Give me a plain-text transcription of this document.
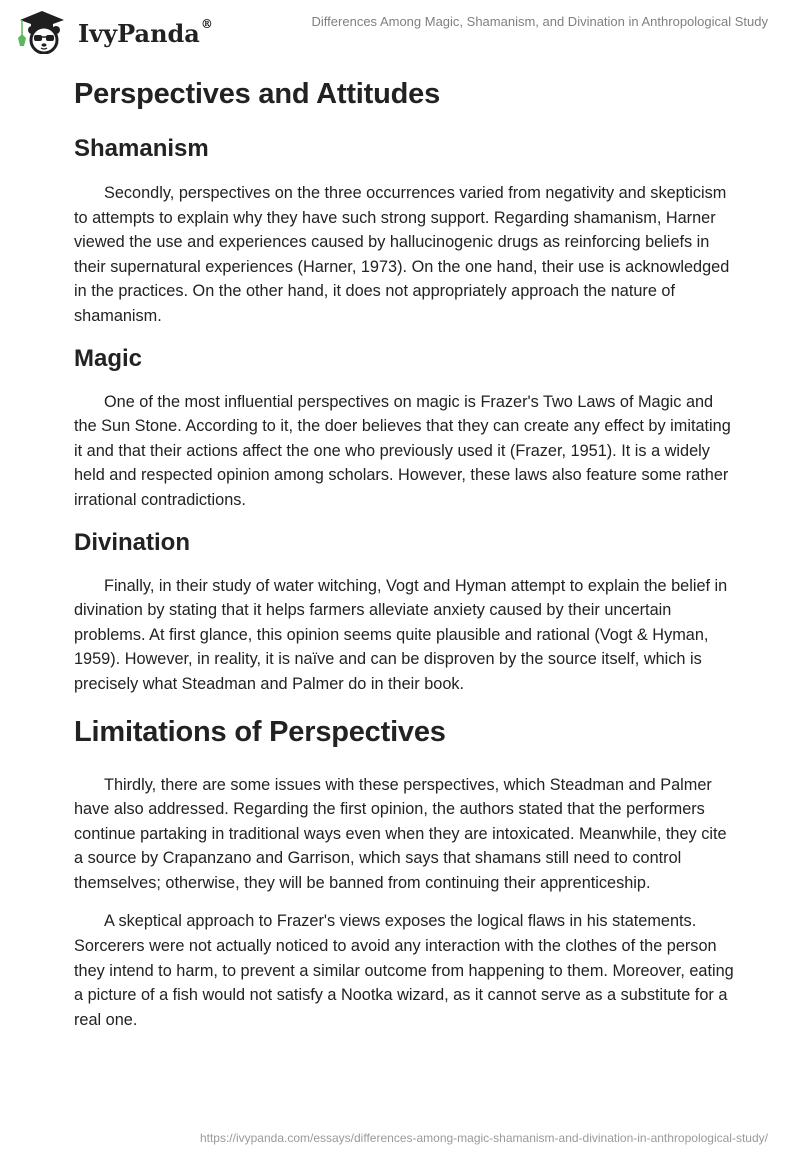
IvyPanda®	Differences Among Magic, Shamanism, and Divination in Anthropological Study
Perspectives and Attitudes
Shamanism

Secondly, perspectives on the three occurrences varied from negativity and skepticism to attempts to explain why they have such strong support. Regarding shamanism, Harner viewed the use and experiences caused by hallucinogenic drugs as reinforcing beliefs in their supernatural experiences (Harner, 1973). On the one hand, their use is acknowledged in the practices. On the other hand, it does not appropriately approach the nature of shamanism.

Magic

One of the most influential perspectives on magic is Frazer's Two Laws of Magic and the Sun Stone. According to it, the doer believes that they can create any effect by imitating it and that their actions affect the one who previously used it (Frazer, 1951). It is a widely held and respected opinion among scholars. However, these laws also feature some rather irrational contradictions.

Divination

Finally, in their study of water witching, Vogt and Hyman attempt to explain the belief in divination by stating that it helps farmers alleviate anxiety caused by their uncertain problems. At first glance, this opinion seems quite plausible and rational (Vogt & Hyman, 1959). However, in reality, it is naïve and can be disproven by the source itself, which is precisely what Steadman and Palmer do in their book.

Limitations of Perspectives

Thirdly, there are some issues with these perspectives, which Steadman and Palmer have also addressed. Regarding the first opinion, the authors stated that the performers continue partaking in traditional ways even when they are intoxicated. Meanwhile, they cite a source by Crapanzano and Garrison, which says that shamans still need to control themselves; otherwise, they will be banned from continuing their apprenticeship.

A skeptical approach to Frazer's views exposes the logical flaws in his statements. Sorcerers were not actually noticed to avoid any interaction with the clothes of the person they intend to harm, to prevent a similar outcome from happening to them. Moreover, eating a picture of a fish would not satisfy a Nootka wizard, as it cannot serve as a substitute for a real one.

https://ivypanda.com/essays/differences-among-magic-shamanism-and-divination-in-anthropological-study/
